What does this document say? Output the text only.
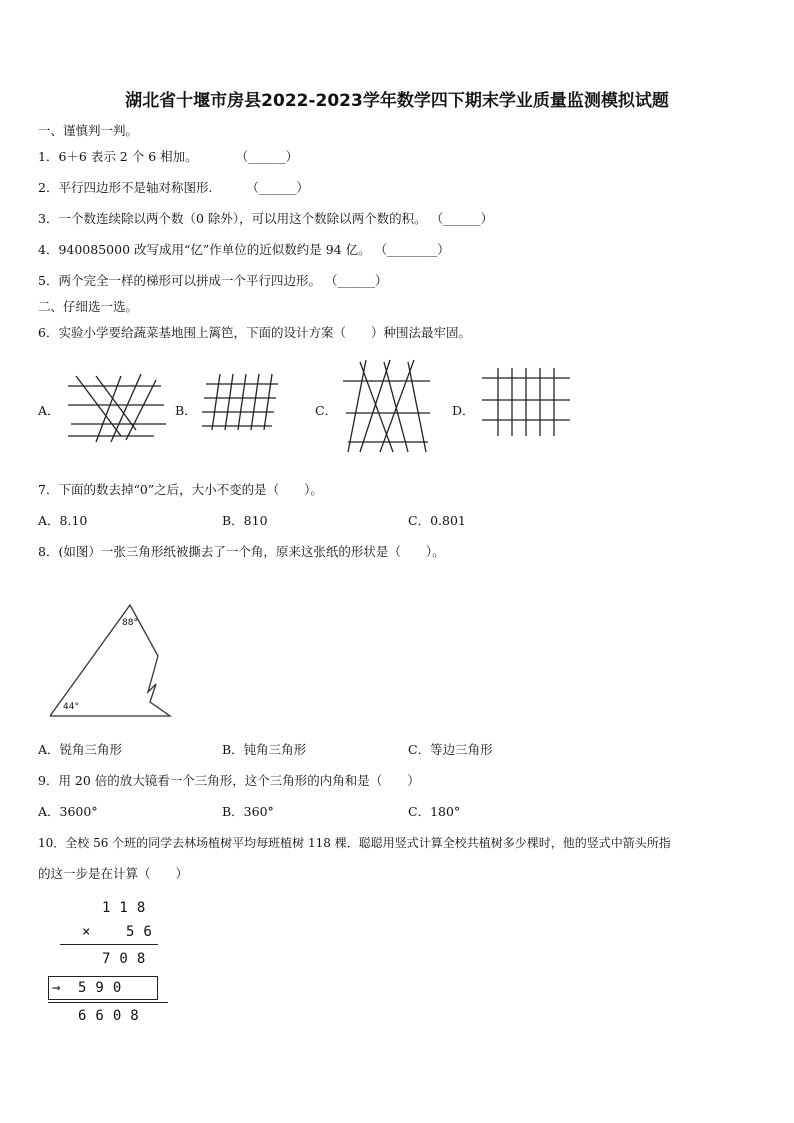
湖北省十堰市房县2022-2023学年数学四下期末学业质量监测模拟试题
一、谨慎判一判。
1．6＋6 表示 2 个 6 相加。	（______）
2．平行四边形不是轴对称图形.	（______）
3．一个数连续除以两个数（0 除外），可以用这个数除以两个数的积。 （______）
4．940085000 改写成用“亿”作单位的近似数约是 94 亿。 （________）
5．两个完全一样的梯形可以拼成一个平行四边形。 （______）
二、仔细选一选。
6．实验小学要给蔬菜基地围上篱笆，下面的设计方案（　　）种围法最牢固。
A．	B．	C．	D．
7．下面的数去掉“0”之后，大小不变的是（　　）。
A．8.10	B．810	C．0.801
8．(如图）一张三角形纸被撕去了一个角，原来这张纸的形状是（　　）。
88°
44°
A．锐角三角形	B．钝角三角形	C．等边三角形
9．用 20 倍的放大镜看一个三角形，这个三角形的内角和是（　　）
A．3600°	B．360°	C．180°
10．全校 56 个班的同学去林场植树平均每班植树 118 棵．聪聪用竖式计算全校共植树多少棵时，他的竖式中箭头所指
的这一步是在计算（　　）
118
×	56
708
→ 590
6608
